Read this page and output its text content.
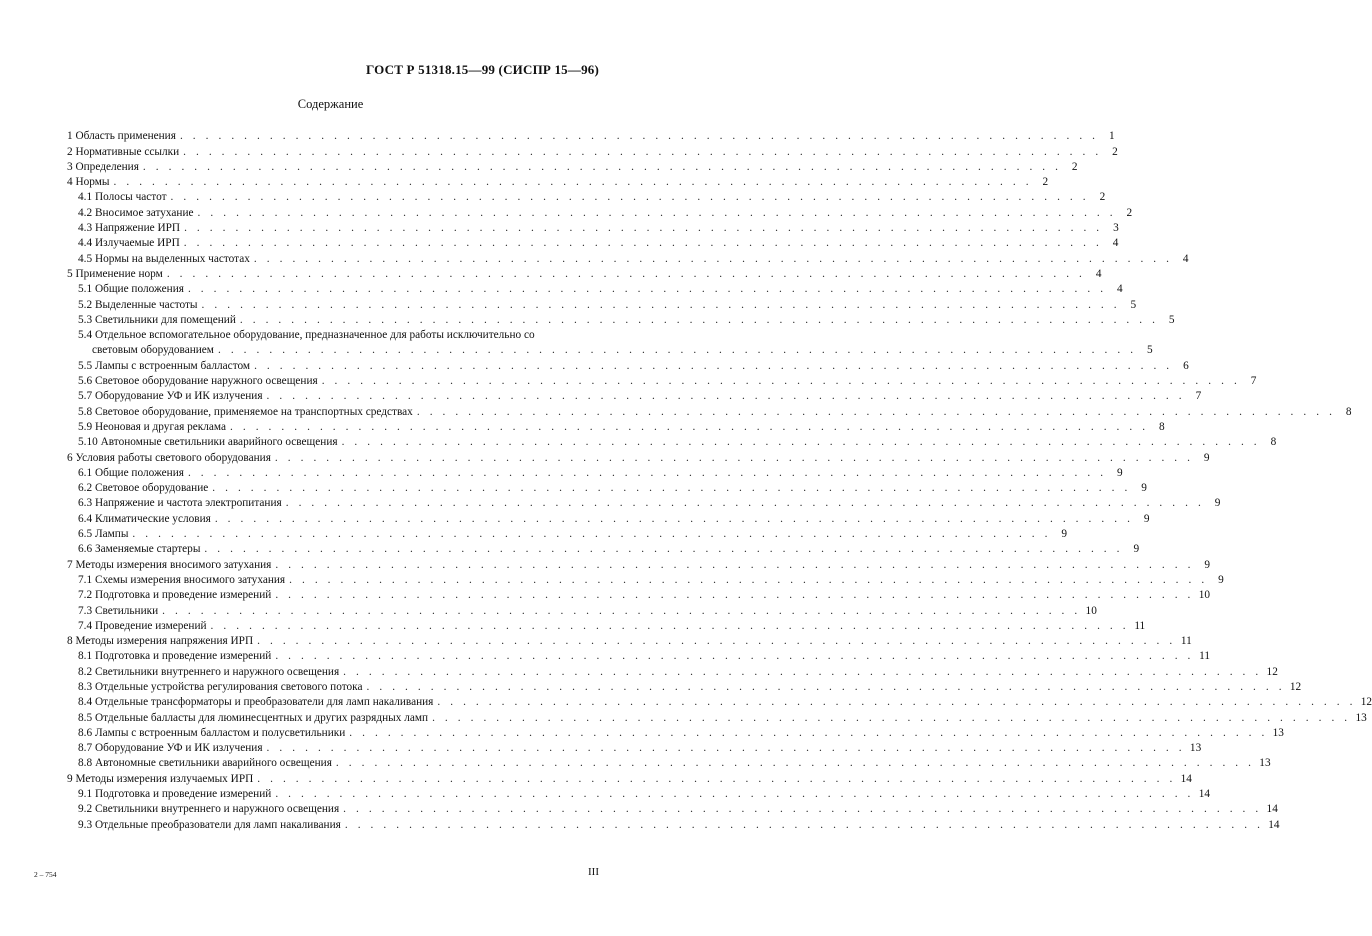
ГОСТ Р 51318.15—99 (СИСПР 15—96)
Содержание
1 Область применения . . . . . . . . . . . . . . . . . . . . . . . . . . . . . . . . . . . . . . . . . . . . . . . . . . . . . . . . . . . . . . . . . . . . . . . . 1
2 Нормативные ссылки . . . . . . . . . . . . . . . . . . . . . . . . . . . . . . . . . . . . . . . . . . . . . . . . . . . . . . . . . . . . . . . . . . . . . . . . 2
3 Определения . . . . . . . . . . . . . . . . . . . . . . . . . . . . . . . . . . . . . . . . . . . . . . . . . . . . . . . . . . . . . . . . . . . . . . . . 2
4 Нормы . . . . . . . . . . . . . . . . . . . . . . . . . . . . . . . . . . . . . . . . . . . . . . . . . . . . . . . . . . . . . . . . . . . . . . . . 2
4.1 Полосы частот . . . . . . . . . . . . . . . . . . . . . . . . . . . . . . . . . . . . . . . . . . . . . . . . . . . . . . . . . . . . . . . . . . . . . . . . 2
4.2 Вносимое затухание . . . . . . . . . . . . . . . . . . . . . . . . . . . . . . . . . . . . . . . . . . . . . . . . . . . . . . . . . . . . . . . . . . . . . . . . 2
4.3 Напряжение ИРП . . . . . . . . . . . . . . . . . . . . . . . . . . . . . . . . . . . . . . . . . . . . . . . . . . . . . . . . . . . . . . . . . . . . . . . . 3
4.4 Излучаемые ИРП . . . . . . . . . . . . . . . . . . . . . . . . . . . . . . . . . . . . . . . . . . . . . . . . . . . . . . . . . . . . . . . . . . . . . . . . 4
4.5 Нормы на выделенных частотах . . . . . . . . . . . . . . . . . . . . . . . . . . . . . . . . . . . . . . . . . . . . . . . . . . . . . . . . . . . . . . . . . . . . . . . . 4
5 Применение норм . . . . . . . . . . . . . . . . . . . . . . . . . . . . . . . . . . . . . . . . . . . . . . . . . . . . . . . . . . . . . . . . . . . . . . . . 4
5.1 Общие положения . . . . . . . . . . . . . . . . . . . . . . . . . . . . . . . . . . . . . . . . . . . . . . . . . . . . . . . . . . . . . . . . . . . . . . . . 4
5.2 Выделенные частоты . . . . . . . . . . . . . . . . . . . . . . . . . . . . . . . . . . . . . . . . . . . . . . . . . . . . . . . . . . . . . . . . . . . . . . . . 5
5.3 Светильники для помещений . . . . . . . . . . . . . . . . . . . . . . . . . . . . . . . . . . . . . . . . . . . . . . . . . . . . . . . . . . . . . . . . . . . . . . . . 5
5.4 Отдельное вспомогательное оборудование, предназначенное для работы исключительно со
световым оборудованием . . . . . . . . . . . . . . . . . . . . . . . . . . . . . . . . . . . . . . . . . . . . . . . . . . . . . . . . . . . . . . . . . . . . . . . . 5
5.5 Лампы с встроенным балластом . . . . . . . . . . . . . . . . . . . . . . . . . . . . . . . . . . . . . . . . . . . . . . . . . . . . . . . . . . . . . . . . . . . . . . . . 6
5.6 Световое оборудование наружного освещения . . . . . . . . . . . . . . . . . . . . . . . . . . . . . . . . . . . . . . . . . . . . . . . . . . . . . . . . . . . . . . . . . . . . . . . . 7
5.7 Оборудование УФ и ИК излучения . . . . . . . . . . . . . . . . . . . . . . . . . . . . . . . . . . . . . . . . . . . . . . . . . . . . . . . . . . . . . . . . . . . . . . . . 7
5.8 Световое оборудование, применяемое на транспортных средствах . . . . . . . . . . . . . . . . . . . . . . . . . . . . . . . . . . . . . . . . . . . . . . . . . . . . . . . . . . . . . . . . . . . . . . . . 8
5.9 Неоновая и другая реклама . . . . . . . . . . . . . . . . . . . . . . . . . . . . . . . . . . . . . . . . . . . . . . . . . . . . . . . . . . . . . . . . . . . . . . . . 8
5.10 Автономные светильники аварийного освещения . . . . . . . . . . . . . . . . . . . . . . . . . . . . . . . . . . . . . . . . . . . . . . . . . . . . . . . . . . . . . . . . . . . . . . . . 8
6 Условия работы светового оборудования . . . . . . . . . . . . . . . . . . . . . . . . . . . . . . . . . . . . . . . . . . . . . . . . . . . . . . . . . . . . . . . . . . . . . . . . 9
6.1 Общие положения . . . . . . . . . . . . . . . . . . . . . . . . . . . . . . . . . . . . . . . . . . . . . . . . . . . . . . . . . . . . . . . . . . . . . . . . 9
6.2 Световое оборудование . . . . . . . . . . . . . . . . . . . . . . . . . . . . . . . . . . . . . . . . . . . . . . . . . . . . . . . . . . . . . . . . . . . . . . . . 9
6.3 Напряжение и частота электропитания . . . . . . . . . . . . . . . . . . . . . . . . . . . . . . . . . . . . . . . . . . . . . . . . . . . . . . . . . . . . . . . . . . . . . . . . 9
6.4 Климатические условия . . . . . . . . . . . . . . . . . . . . . . . . . . . . . . . . . . . . . . . . . . . . . . . . . . . . . . . . . . . . . . . . . . . . . . . . 9
6.5 Лампы . . . . . . . . . . . . . . . . . . . . . . . . . . . . . . . . . . . . . . . . . . . . . . . . . . . . . . . . . . . . . . . . . . . . . . . . 9
6.6 Заменяемые стартеры . . . . . . . . . . . . . . . . . . . . . . . . . . . . . . . . . . . . . . . . . . . . . . . . . . . . . . . . . . . . . . . . . . . . . . . . 9
7 Методы измерения вносимого затухания . . . . . . . . . . . . . . . . . . . . . . . . . . . . . . . . . . . . . . . . . . . . . . . . . . . . . . . . . . . . . . . . . . . . . . . . 9
7.1 Схемы измерения вносимого затухания . . . . . . . . . . . . . . . . . . . . . . . . . . . . . . . . . . . . . . . . . . . . . . . . . . . . . . . . . . . . . . . . . . . . . . . . 9
7.2 Подготовка и проведение измерений . . . . . . . . . . . . . . . . . . . . . . . . . . . . . . . . . . . . . . . . . . . . . . . . . . . . . . . . . . . . . . . . . . . . . . . . 10
7.3 Светильники . . . . . . . . . . . . . . . . . . . . . . . . . . . . . . . . . . . . . . . . . . . . . . . . . . . . . . . . . . . . . . . . . . . . . . . . 10
7.4 Проведение измерений . . . . . . . . . . . . . . . . . . . . . . . . . . . . . . . . . . . . . . . . . . . . . . . . . . . . . . . . . . . . . . . . . . . . . . . . 11
8 Методы измерения напряжения ИРП . . . . . . . . . . . . . . . . . . . . . . . . . . . . . . . . . . . . . . . . . . . . . . . . . . . . . . . . . . . . . . . . . . . . . . . . 11
8.1 Подготовка и проведение измерений . . . . . . . . . . . . . . . . . . . . . . . . . . . . . . . . . . . . . . . . . . . . . . . . . . . . . . . . . . . . . . . . . . . . . . . . 11
8.2 Светильники внутреннего и наружного освещения . . . . . . . . . . . . . . . . . . . . . . . . . . . . . . . . . . . . . . . . . . . . . . . . . . . . . . . . . . . . . . . . . . . . . . . . 12
8.3 Отдельные устройства регулирования светового потока . . . . . . . . . . . . . . . . . . . . . . . . . . . . . . . . . . . . . . . . . . . . . . . . . . . . . . . . . . . . . . . . . . . . . . . . 12
8.4 Отдельные трансформаторы и преобразователи для ламп накаливания . . . . . . . . . . . . . . . . . . . . . . . . . . . . . . . . . . . . . . . . . . . . . . . . . . . . . . . . . . . . . . . . . . . . . . . . 12
8.5 Отдельные балласты для люминесцентных и других разрядных ламп . . . . . . . . . . . . . . . . . . . . . . . . . . . . . . . . . . . . . . . . . . . . . . . . . . . . . . . . . . . . . . . . . . . . . . . . 13
8.6 Лампы с встроенным балластом и полусветильники . . . . . . . . . . . . . . . . . . . . . . . . . . . . . . . . . . . . . . . . . . . . . . . . . . . . . . . . . . . . . . . . . . . . . . . . 13
8.7 Оборудование УФ и ИК излучения . . . . . . . . . . . . . . . . . . . . . . . . . . . . . . . . . . . . . . . . . . . . . . . . . . . . . . . . . . . . . . . . . . . . . . . . 13
8.8 Автономные светильники аварийного освещения . . . . . . . . . . . . . . . . . . . . . . . . . . . . . . . . . . . . . . . . . . . . . . . . . . . . . . . . . . . . . . . . . . . . . . . . 13
9 Методы измерения излучаемых ИРП . . . . . . . . . . . . . . . . . . . . . . . . . . . . . . . . . . . . . . . . . . . . . . . . . . . . . . . . . . . . . . . . . . . . . . . . 14
9.1 Подготовка и проведение измерений . . . . . . . . . . . . . . . . . . . . . . . . . . . . . . . . . . . . . . . . . . . . . . . . . . . . . . . . . . . . . . . . . . . . . . . . 14
9.2 Светильники внутреннего и наружного освещения . . . . . . . . . . . . . . . . . . . . . . . . . . . . . . . . . . . . . . . . . . . . . . . . . . . . . . . . . . . . . . . . . . . . . . . . 14
9.3 Отдельные преобразователи для ламп накаливания . . . . . . . . . . . . . . . . . . . . . . . . . . . . . . . . . . . . . . . . . . . . . . . . . . . . . . . . . . . . . . . . . . . . . . . . 14
2 – 754	III
